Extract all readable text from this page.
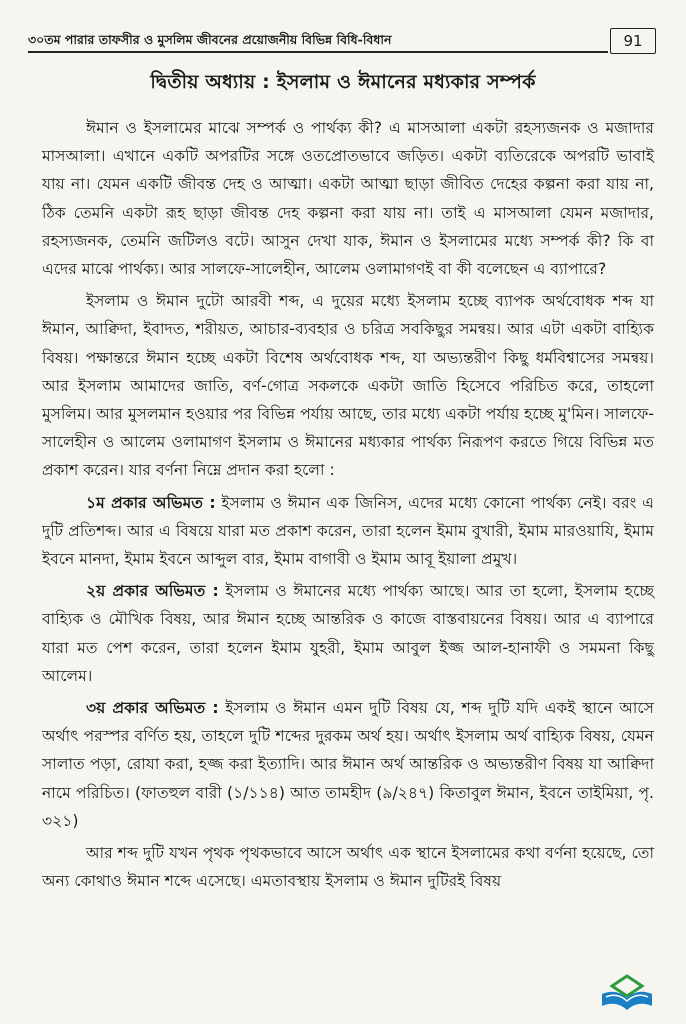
৩০তম পারার তাফসীর ও মুসলিম জীবনের প্রয়োজনীয় বিভিন্ন বিধি-বিধান	91
দ্বিতীয় অধ্যায় : ইসলাম ও ঈমানের মধ্যকার সম্পর্ক

ঈমান ও ইসলামের মাঝে সম্পর্ক ও পার্থক্য কী? এ মাসআলা একটা রহস্যজনক ও মজাদার মাসআলা। এখানে একটি অপরটির সঙ্গে ওতপ্রোতভাবে জড়িত। একটা ব্যতিরেকে অপরটি ভাবাই যায় না। যেমন একটি জীবন্ত দেহ ও আত্মা। একটা আত্মা ছাড়া জীবিত দেহের কল্পনা করা যায় না, ঠিক তেমনি একটা রূহ ছাড়া জীবন্ত দেহ কল্পনা করা যায় না। তাই এ মাসআলা যেমন মজাদার, রহস্যজনক, তেমনি জটিলও বটে। আসুন দেখা যাক, ঈমান ও ইসলামের মধ্যে সম্পর্ক কী? কি বা এদের মাঝে পার্থক্য। আর সালফে-সালেহীন, আলেম ওলামাগণই বা কী বলেছেন এ ব্যাপারে?

ইসলাম ও ঈমান দুটো আরবী শব্দ, এ দুয়ের মধ্যে ইসলাম হচ্ছে ব্যাপক অর্থবোধক শব্দ যা ঈমান, আক্বিদা, ইবাদত, শরীয়ত, আচার-ব্যবহার ও চরিত্র সবকিছুর সমন্বয়। আর এটা একটা বাহ্যিক বিষয়। পক্ষান্তরে ঈমান হচ্ছে একটা বিশেষ অর্থবোধক শব্দ, যা অভ্যন্তরীণ কিছু ধর্মবিশ্বাসের সমন্বয়। আর ইসলাম আমাদের জাতি, বর্ণ-গোত্র সকলকে একটা জাতি হিসেবে পরিচিত করে, তাহলো মুসলিম। আর মুসলমান হওয়ার পর বিভিন্ন পর্যায় আছে, তার মধ্যে একটা পর্যায় হচ্ছে মু'মিন। সালফে-সালেহীন ও আলেম ওলামাগণ ইসলাম ও ঈমানের মধ্যকার পার্থক্য নিরূপণ করতে গিয়ে বিভিন্ন মত প্রকাশ করেন। যার বর্ণনা নিম্নে প্রদান করা হলো :

১ম প্রকার অভিমত : ইসলাম ও ঈমান এক জিনিস, এদের মধ্যে কোনো পার্থক্য নেই। বরং এ দুটি প্রতিশব্দ। আর এ বিষয়ে যারা মত প্রকাশ করেন, তারা হলেন ইমাম বুখারী, ইমাম মারওয়াযি, ইমাম ইবনে মানদা, ইমাম ইবনে আব্দুল বার, ইমাম বাগাবী ও ইমাম আবূ ইয়ালা প্রমুখ।

২য় প্রকার অভিমত : ইসলাম ও ঈমানের মধ্যে পার্থক্য আছে। আর তা হলো, ইসলাম হচ্ছে বাহ্যিক ও মৌখিক বিষয়, আর ঈমান হচ্ছে আন্তরিক ও কাজে বাস্তবায়নের বিষয়। আর এ ব্যাপারে যারা মত পেশ করেন, তারা হলেন ইমাম যুহরী, ইমাম আবুল ইজ্জ আল-হানাফী ও সমমনা কিছু আলেম।

৩য় প্রকার অভিমত : ইসলাম ও ঈমান এমন দুটি বিষয় যে, শব্দ দুটি যদি একই স্থানে আসে অর্থাৎ পরস্পর বর্ণিত হয়, তাহলে দুটি শব্দের দুরকম অর্থ হয়। অর্থাৎ ইসলাম অর্থ বাহ্যিক বিষয়, যেমন সালাত পড়া, রোযা করা, হজ্জ করা ইত্যাদি। আর ঈমান অর্থ আন্তরিক ও অভ্যন্তরীণ বিষয় যা আক্বিদা নামে পরিচিত। (ফাতহুল বারী (১/১১৪) আত তামহীদ (৯/২৪৭) কিতাবুল ঈমান, ইবনে তাইমিয়া, পৃ. ৩২১)

আর শব্দ দুটি যখন পৃথক পৃথকভাবে আসে অর্থাৎ এক স্থানে ইসলামের কথা বর্ণনা হয়েছে, তো অন্য কোথাও ঈমান শব্দে এসেছে। এমতাবস্থায় ইসলাম ও ঈমান দুটিরই বিষয়
